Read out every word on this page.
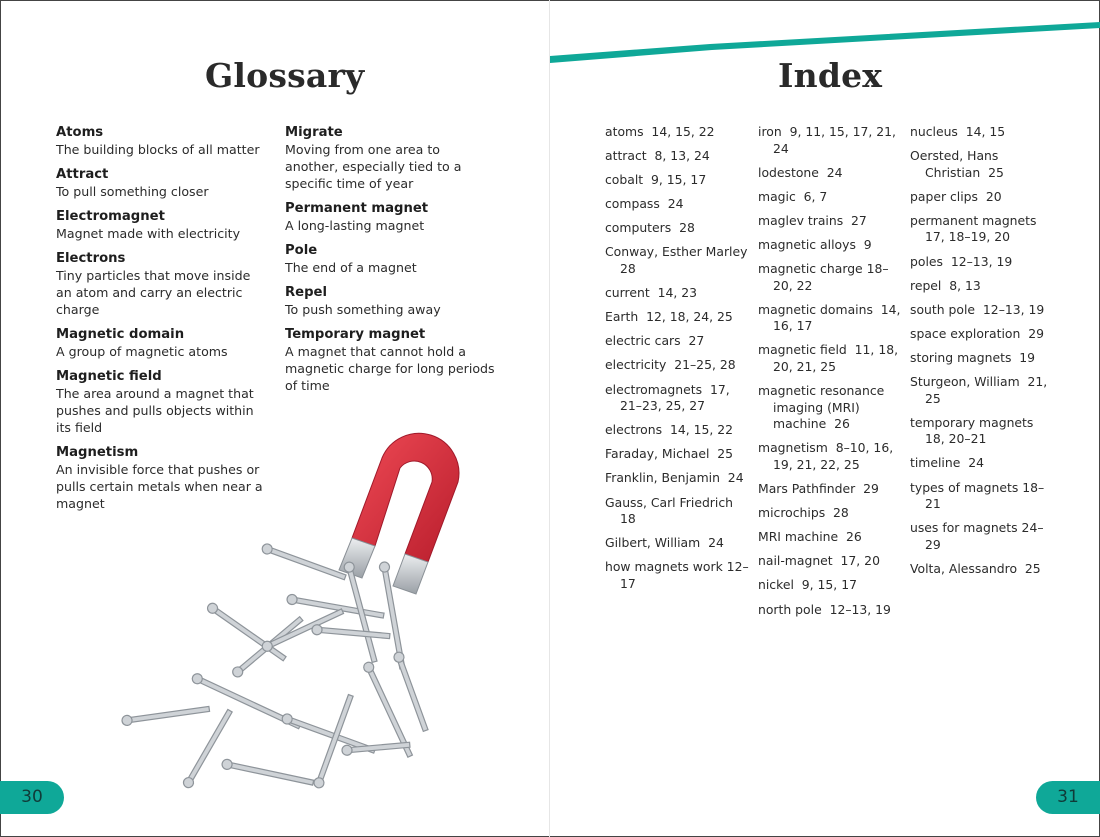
Glossary	Index
Atoms
The building blocks of all matter
Attract
To pull something closer
Electromagnet
Magnet made with electricity
Electrons
Tiny particles that move inside an atom and carry an electric charge
Magnetic domain
A group of magnetic atoms
Magnetic field
The area around a magnet that pushes and pulls objects within its field
Magnetism
An invisible force that pushes or pulls certain metals when near a magnet
Migrate
Moving from one area to another, especially tied to a specific time of year
Permanent magnet
A long-lasting magnet
Pole
The end of a magnet
Repel
To push something away
Temporary magnet
A magnet that cannot hold a magnetic charge for long periods of time
atoms  14, 15, 22
attract  8, 13, 24
cobalt  9, 15, 17
compass  24
computers  28
Conway, Esther Marley  28
current  14, 23
Earth  12, 18, 24, 25
electric cars  27
electricity  21–25, 28
electromagnets  17, 21–23, 25, 27
electrons  14, 15, 22
Faraday, Michael  25
Franklin, Benjamin  24
Gauss, Carl Friedrich 18
Gilbert, William  24
how magnets work 12–17
iron  9, 11, 15, 17, 21, 24
lodestone  24
magic  6, 7
maglev trains  27
magnetic alloys  9
magnetic charge 18–20, 22
magnetic domains  14, 16, 17
magnetic field  11, 18, 20, 21, 25
magnetic resonance imaging (MRI) machine  26
magnetism  8–10, 16, 19, 21, 22, 25
Mars Pathfinder  29
microchips  28
MRI machine  26
nail-magnet  17, 20
nickel  9, 15, 17
north pole  12–13, 19
nucleus  14, 15
Oersted, Hans Christian  25
paper clips  20
permanent magnets 17, 18–19, 20
poles  12–13, 19
repel  8, 13
south pole  12–13, 19
space exploration  29
storing magnets  19
Sturgeon, William  21, 25
temporary magnets 18, 20–21
timeline  24
types of magnets 18–21
uses for magnets 24–29
Volta, Alessandro  25
30	31
